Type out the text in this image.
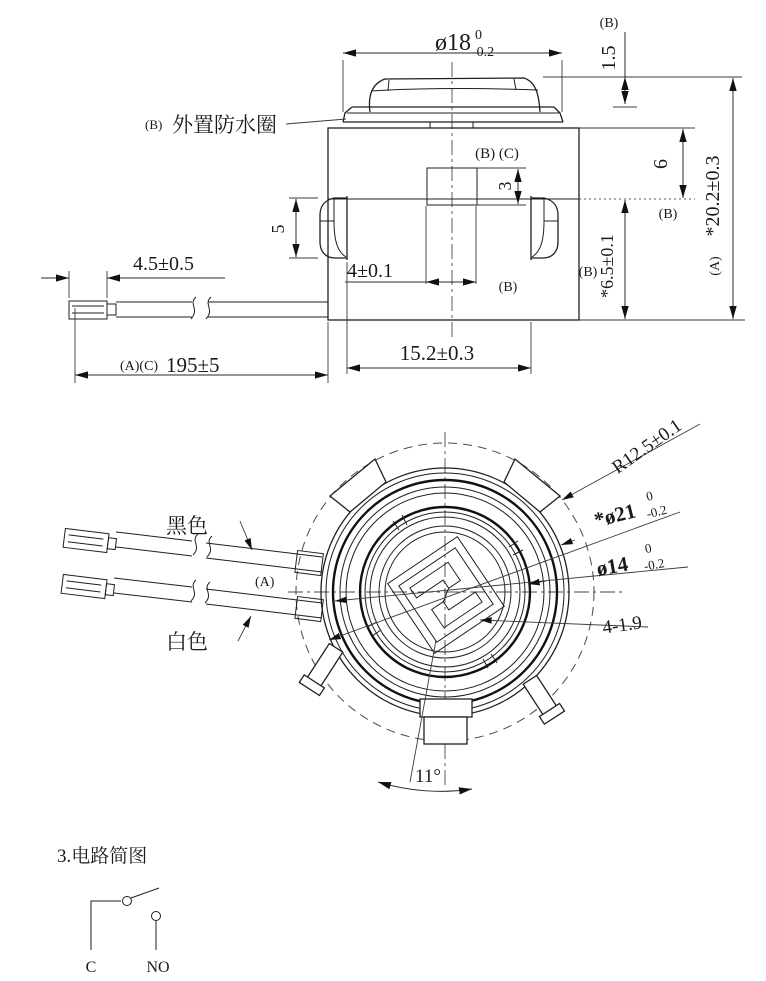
ø18 0
-0.2
(B)
1.5
6
(B)
*6.5±0.1
(B)
*20.2±0.3
(A)
(B) (C)
3
4±0.1
(B)
5
4.5±0.5
(A)(C) 195±5	15.2±0.3
(B) 外置防水圈
11°
R12.5±0.1
*ø21
0
-0.2
ø14
0
-0.2
4-1.9
黑色
白色
(A)
3.电路简图
C	NO
